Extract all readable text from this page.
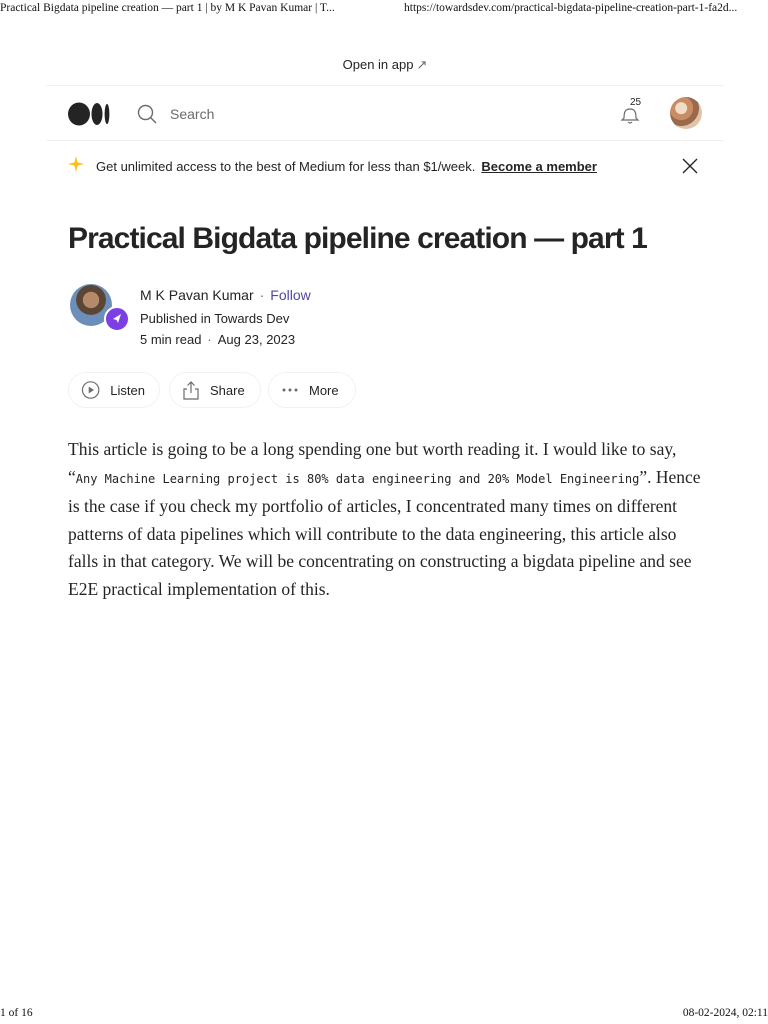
Practical Bigdata pipeline creation — part 1 | by M K Pavan Kumar | T...	https://towardsdev.com/practical-bigdata-pipeline-creation-part-1-fa2d...
Open in app ↗
Search
25
Get unlimited access to the best of Medium for less than $1/week. Become a member
Practical Bigdata pipeline creation — part 1
M K Pavan Kumar · Follow
Published in Towards Dev
5 min read · Aug 23, 2023
Listen	Share	More

This article is going to be a long spending one but worth reading it. I would like to say, “Any Machine Learning project is 80% data engineering and 20% Model Engineering”. Hence is the case if you check my portfolio of articles, I concentrated many times on different patterns of data pipelines which will contribute to the data engineering, this article also falls in that category. We will be concentrating on constructing a bigdata pipeline and see E2E practical implementation of this.

1 of 16	08-02-2024, 02:11
